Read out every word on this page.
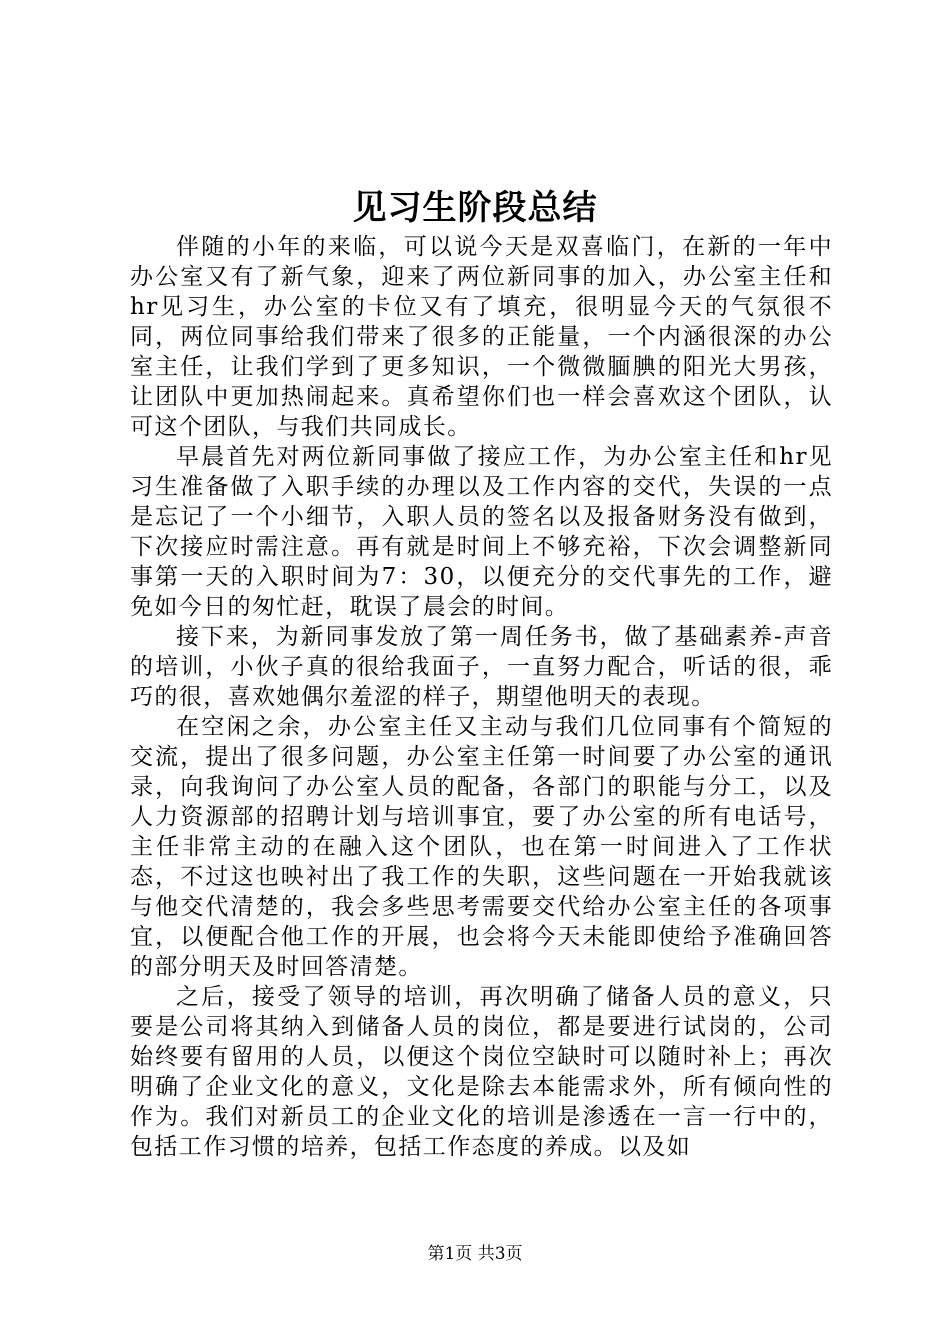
见习生阶段总结

伴随的小年的来临，可以说今天是双喜临门，在新的一年中办公室又有了新气象，迎来了两位新同事的加入，办公室主任和hr见习生，办公室的卡位又有了填充，很明显今天的气氛很不同，两位同事给我们带来了很多的正能量，一个内涵很深的办公室主任，让我们学到了更多知识，一个微微腼腆的阳光大男孩，让团队中更加热闹起来。真希望你们也一样会喜欢这个团队，认可这个团队，与我们共同成长。

早晨首先对两位新同事做了接应工作，为办公室主任和hr见习生准备做了入职手续的办理以及工作内容的交代，失误的一点是忘记了一个小细节，入职人员的签名以及报备财务没有做到，下次接应时需注意。再有就是时间上不够充裕，下次会调整新同事第一天的入职时间为7：30，以便充分的交代事先的工作，避免如今日的匆忙赶，耽误了晨会的时间。

接下来，为新同事发放了第一周任务书，做了基础素养-声音的培训，小伙子真的很给我面子，一直努力配合，听话的很，乖巧的很，喜欢她偶尔羞涩的样子，期望他明天的表现。

在空闲之余，办公室主任又主动与我们几位同事有个简短的交流，提出了很多问题，办公室主任第一时间要了办公室的通讯录，向我询问了办公室人员的配备，各部门的职能与分工，以及人力资源部的招聘计划与培训事宜，要了办公室的所有电话号，主任非常主动的在融入这个团队，也在第一时间进入了工作状态，不过这也映衬出了我工作的失职，这些问题在一开始我就该与他交代清楚的，我会多些思考需要交代给办公室主任的各项事宜，以便配合他工作的开展，也会将今天未能即使给予准确回答的部分明天及时回答清楚。

之后，接受了领导的培训，再次明确了储备人员的意义，只要是公司将其纳入到储备人员的岗位，都是要进行试岗的，公司始终要有留用的人员，以便这个岗位空缺时可以随时补上；再次明确了企业文化的意义，文化是除去本能需求外，所有倾向性的作为。我们对新员工的企业文化的培训是渗透在一言一行中的，包括工作习惯的培养，包括工作态度的养成。以及如

第1页 共3页
